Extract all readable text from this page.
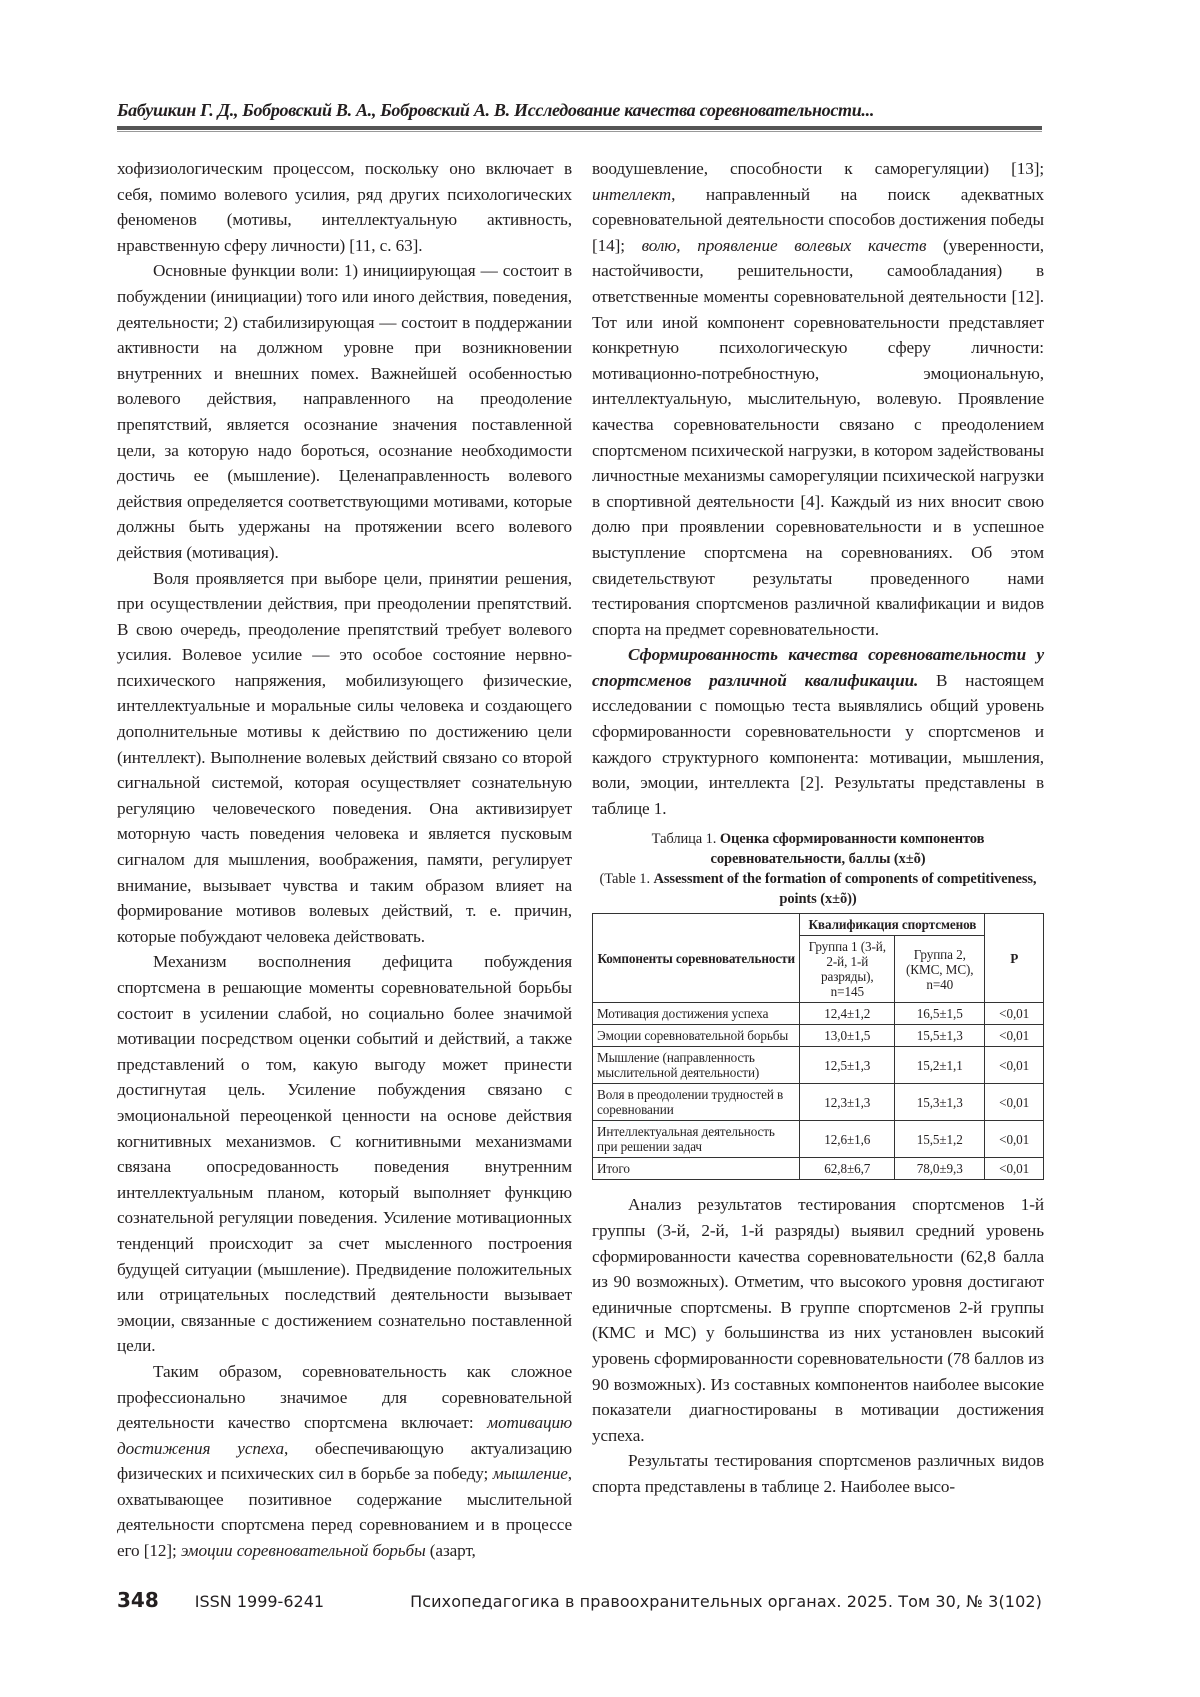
Бабушкин Г. Д., Бобровский В. А., Бобровский А. В. Исследование качества соревновательности...

хофизиологическим процессом, поскольку оно включает в себя, помимо волевого усилия, ряд других психологических феноменов (мотивы, интеллектуальную активность, нравственную сферу личности) [11, с. 63].

Основные функции воли: 1) инициирующая — состоит в побуждении (инициации) того или иного действия, поведения, деятельности; 2) стабилизирующая — состоит в поддержании активности на должном уровне при возникновении внутренних и внешних помех. Важнейшей особенностью волевого действия, направленного на преодоление препятствий, является осознание значения поставленной цели, за которую надо бороться, осознание необходимости достичь ее (мышление). Целенаправленность волевого действия определяется соответствующими мотивами, которые должны быть удержаны на протяжении всего волевого действия (мотивация).

Воля проявляется при выборе цели, принятии решения, при осуществлении действия, при преодолении препятствий. В свою очередь, преодоление препятствий требует волевого усилия. Волевое усилие — это особое состояние нервно-психического напряжения, мобилизующего физические, интеллектуальные и моральные силы человека и создающего дополнительные мотивы к действию по достижению цели (интеллект). Выполнение волевых действий связано со второй сигнальной системой, которая осуществляет сознательную регуляцию человеческого поведения. Она активизирует моторную часть поведения человека и является пусковым сигналом для мышления, воображения, памяти, регулирует внимание, вызывает чувства и таким образом влияет на формирование мотивов волевых действий, т. е. причин, которые побуждают человека действовать.

Механизм восполнения дефицита побуждения спортсмена в решающие моменты соревновательной борьбы состоит в усилении слабой, но социально более значимой мотивации посредством оценки событий и действий, а также представлений о том, какую выгоду может принести достигнутая цель. Усиление побуждения связано с эмоциональной переоценкой ценности на основе действия когнитивных механизмов. С когнитивными механизмами связана опосредованность поведения внутренним интеллектуальным планом, который выполняет функцию сознательной регуляции поведения. Усиление мотивационных тенденций происходит за счет мысленного построения будущей ситуации (мышление). Предвидение положительных или отрицательных последствий деятельности вызывает эмоции, связанные с достижением сознательно поставленной цели.

Таким образом, соревновательность как сложное профессионально значимое для соревновательной деятельности качество спортсмена включает: мотивацию достижения успеха, обеспечивающую актуализацию физических и психических сил в борьбе за победу; мышление, охватывающее позитивное содержание мыслительной деятельности спортсмена перед соревнованием и в процессе его [12]; эмоции соревновательной борьбы (азарт,

воодушевление, способности к саморегуляции) [13]; интеллект, направленный на поиск адекватных соревновательной деятельности способов достижения победы [14]; волю, проявление волевых качеств (уверенности, настойчивости, решительности, самообладания) в ответственные моменты соревновательной деятельности [12]. Тот или иной компонент соревновательности представляет конкретную психологическую сферу личности: мотивационно-потребностную, эмоциональную, интеллектуальную, мыслительную, волевую. Проявление качества соревновательности связано с преодолением спортсменом психической нагрузки, в котором задействованы личностные механизмы саморегуляции психической нагрузки в спортивной деятельности [4]. Каждый из них вносит свою долю при проявлении соревновательности и в успешное выступление спортсмена на соревнованиях. Об этом свидетельствуют результаты проведенного нами тестирования спортсменов различной квалификации и видов спорта на предмет соревновательности.

Сформированность качества соревновательности у спортсменов различной квалификации. В настоящем исследовании с помощью теста выявлялись общий уровень сформированности соревновательности у спортсменов и каждого структурного компонента: мотивации, мышления, воли, эмоции, интеллекта [2]. Результаты представлены в таблице 1.

Таблица 1. Оценка сформированности компонентов соревновательности, баллы (x±õ)
(Table 1. Assessment of the formation of components of competitiveness, points (x±õ))
Компоненты соревновательности	Квалификация спортсменов	P
Группа 1 (3-й, 2-й, 1-й разряды), n=145	Группа 2, (КМС, МС), n=40
Мотивация достижения успеха	12,4±1,2	16,5±1,5	<0,01
Эмоции соревновательной борьбы	13,0±1,5	15,5±1,3	<0,01
Мышление (направленность мыслительной деятельности)	12,5±1,3	15,2±1,1	<0,01
Воля в преодолении трудностей в соревновании	12,3±1,3	15,3±1,3	<0,01
Интеллектуальная деятельность при решении задач	12,6±1,6	15,5±1,2	<0,01
Итого	62,8±6,7	78,0±9,3	<0,01

Анализ результатов тестирования спортсменов 1-й группы (3-й, 2-й, 1-й разряды) выявил средний уровень сформированности качества соревновательности (62,8 балла из 90 возможных). Отметим, что высокого уровня достигают единичные спортсмены. В группе спортсменов 2-й группы (КМС и МС) у большинства из них установлен высокий уровень сформированности соревновательности (78 баллов из 90 возможных). Из составных компонентов наиболее высокие показатели диагностированы в мотивации достижения успеха.

Результаты тестирования спортсменов различных видов спорта представлены в таблице 2. Наиболее высо-

348 ISSN 1999-6241	Психопедагогика в правоохранительных органах. 2025. Том 30, № 3(102)
